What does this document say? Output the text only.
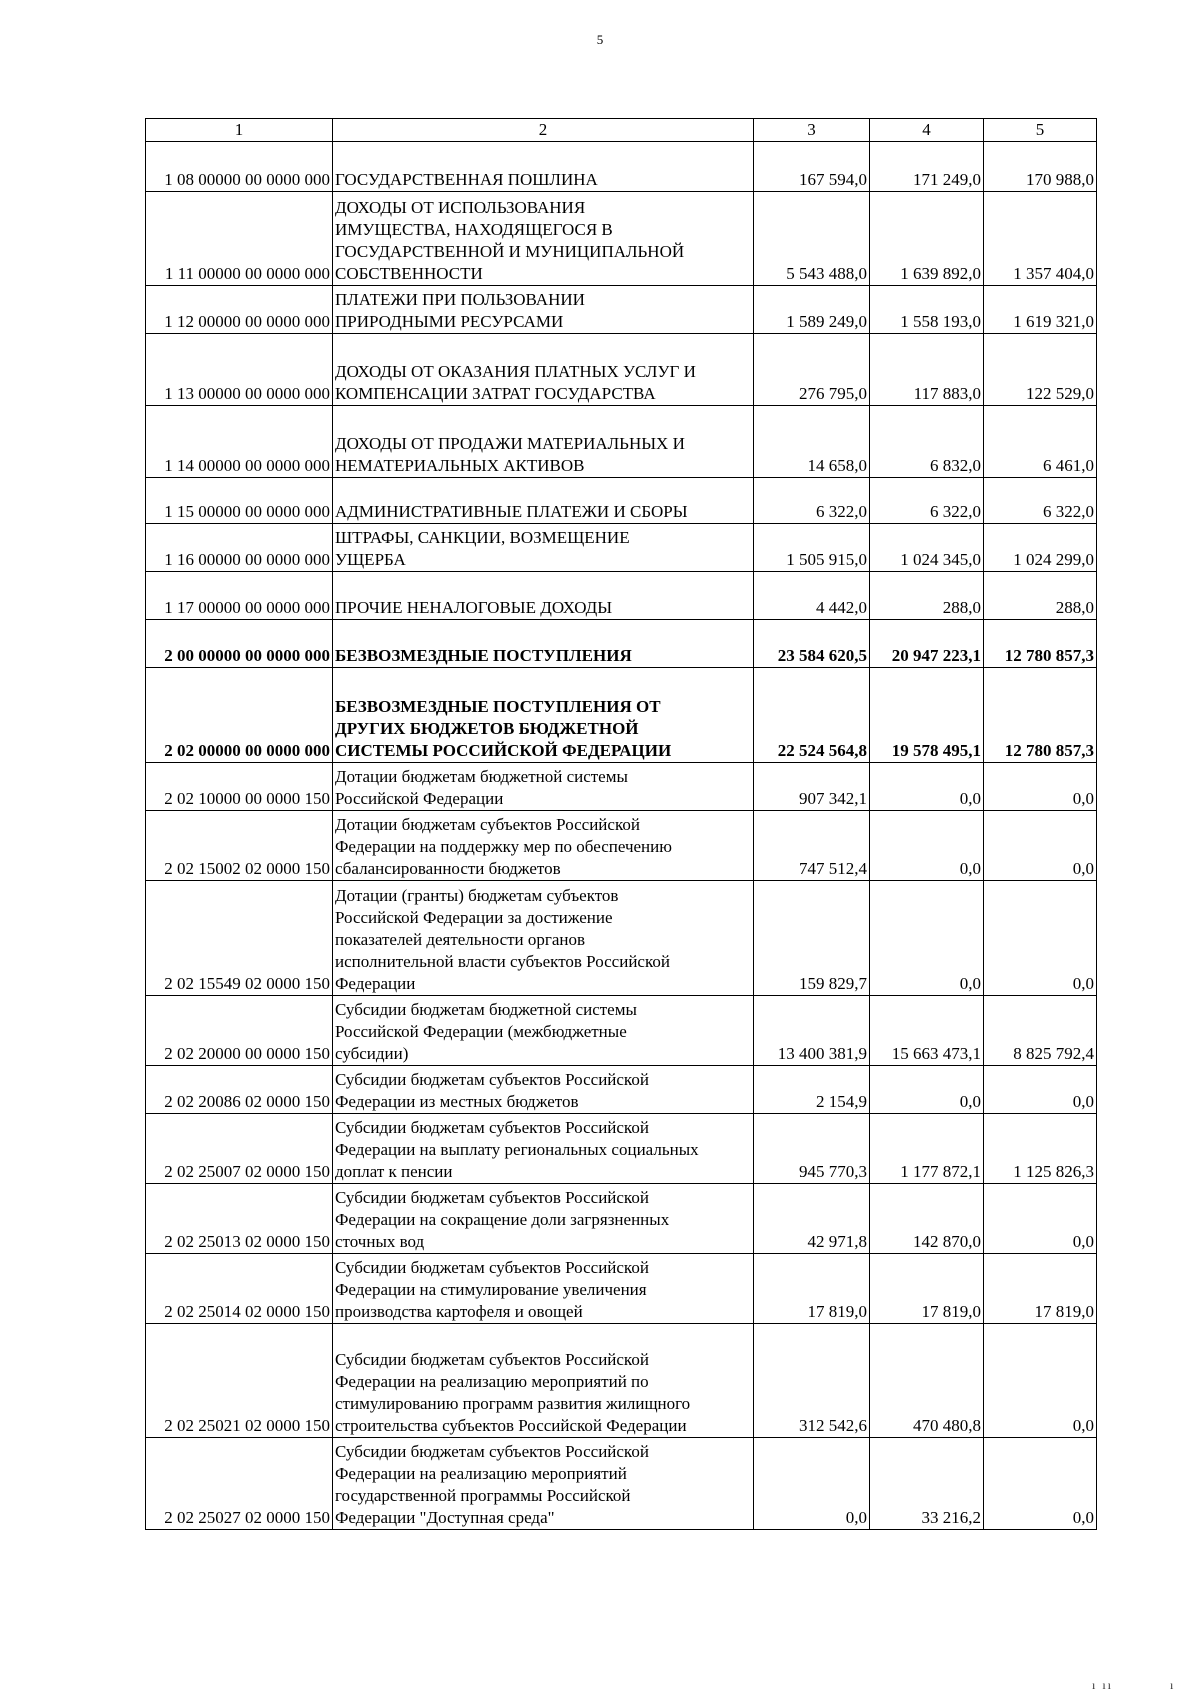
5
1	2	3	4	5
1 08 00000 00 0000 000	ГОСУДАРСТВЕННАЯ ПОШЛИНА	167 594,0	171 249,0	170 988,0
1 11 00000 00 0000 000	ДОХОДЫ ОТ ИСПОЛЬЗОВАНИЯ
ИМУЩЕСТВА, НАХОДЯЩЕГОСЯ В
ГОСУДАРСТВЕННОЙ И МУНИЦИПАЛЬНОЙ
СОБСТВЕННОСТИ	5 543 488,0	1 639 892,0	1 357 404,0
1 12 00000 00 0000 000	ПЛАТЕЖИ ПРИ ПОЛЬЗОВАНИИ
ПРИРОДНЫМИ РЕСУРСАМИ	1 589 249,0	1 558 193,0	1 619 321,0
1 13 00000 00 0000 000	ДОХОДЫ ОТ ОКАЗАНИЯ ПЛАТНЫХ УСЛУГ И
КОМПЕНСАЦИИ ЗАТРАТ ГОСУДАРСТВА	276 795,0	117 883,0	122 529,0
1 14 00000 00 0000 000	ДОХОДЫ ОТ ПРОДАЖИ МАТЕРИАЛЬНЫХ И
НЕМАТЕРИАЛЬНЫХ АКТИВОВ	14 658,0	6 832,0	6 461,0
1 15 00000 00 0000 000	АДМИНИСТРАТИВНЫЕ ПЛАТЕЖИ И СБОРЫ	6 322,0	6 322,0	6 322,0
1 16 00000 00 0000 000	ШТРАФЫ, САНКЦИИ, ВОЗМЕЩЕНИЕ
УЩЕРБА	1 505 915,0	1 024 345,0	1 024 299,0
1 17 00000 00 0000 000	ПРОЧИЕ НЕНАЛОГОВЫЕ ДОХОДЫ	4 442,0	288,0	288,0
2 00 00000 00 0000 000	БЕЗВОЗМЕЗДНЫЕ ПОСТУПЛЕНИЯ	23 584 620,5	20 947 223,1	12 780 857,3
2 02 00000 00 0000 000	БЕЗВОЗМЕЗДНЫЕ ПОСТУПЛЕНИЯ ОТ
ДРУГИХ БЮДЖЕТОВ БЮДЖЕТНОЙ
СИСТЕМЫ РОССИЙСКОЙ ФЕДЕРАЦИИ	22 524 564,8	19 578 495,1	12 780 857,3
2 02 10000 00 0000 150	Дотации бюджетам бюджетной системы
Российской Федерации	907 342,1	0,0	0,0
2 02 15002 02 0000 150	Дотации бюджетам субъектов Российской
Федерации на поддержку мер по обеспечению
сбалансированности бюджетов	747 512,4	0,0	0,0
2 02 15549 02 0000 150	Дотации (гранты) бюджетам субъектов
Российской Федерации за достижение
показателей деятельности органов
исполнительной власти субъектов Российской
Федерации	159 829,7	0,0	0,0
2 02 20000 00 0000 150	Субсидии бюджетам бюджетной системы
Российской Федерации (межбюджетные
субсидии)	13 400 381,9	15 663 473,1	8 825 792,4
2 02 20086 02 0000 150	Субсидии бюджетам субъектов Российской
Федерации из местных бюджетов	2 154,9	0,0	0,0
2 02 25007 02 0000 150	Субсидии бюджетам субъектов Российской
Федерации на выплату региональных социальных
доплат к пенсии	945 770,3	1 177 872,1	1 125 826,3
2 02 25013 02 0000 150	Субсидии бюджетам субъектов Российской
Федерации на сокращение доли загрязненных
сточных вод	42 971,8	142 870,0	0,0
2 02 25014 02 0000 150	Субсидии бюджетам субъектов Российской
Федерации на стимулирование увеличения
производства картофеля и овощей	17 819,0	17 819,0	17 819,0
2 02 25021 02 0000 150	Субсидии бюджетам субъектов Российской
Федерации на реализацию мероприятий по
стимулированию программ развития жилищного
строительства субъектов Российской Федерации	312 542,6	470 480,8	0,0
2 02 25027 02 0000 150	Субсидии бюджетам субъектов Российской
Федерации на реализацию мероприятий
государственной программы Российской
Федерации "Доступная среда"	0,0	33 216,2	0,0
ı ıı	ı
